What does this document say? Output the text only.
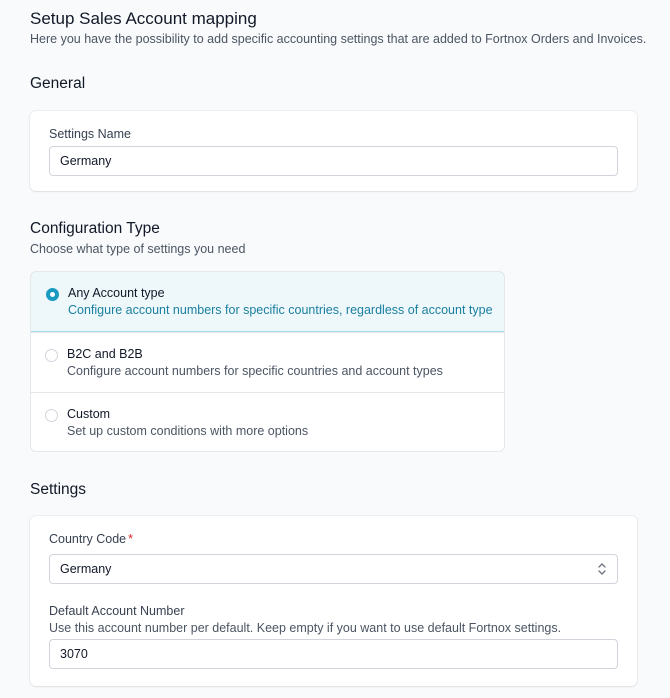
Setup Sales Account mapping
Here you have the possibility to add specific accounting settings that are added to Fortnox Orders and Invoices.
General
Settings Name
Germany
Configuration Type
Choose what type of settings you need
Any Account type
Configure account numbers for specific countries, regardless of account type
B2C and B2B
Configure account numbers for specific countries and account types
Custom
Set up custom conditions with more options
Settings
Country Code *
Germany
Default Account Number
Use this account number per default. Keep empty if you want to use default Fortnox settings.
3070
